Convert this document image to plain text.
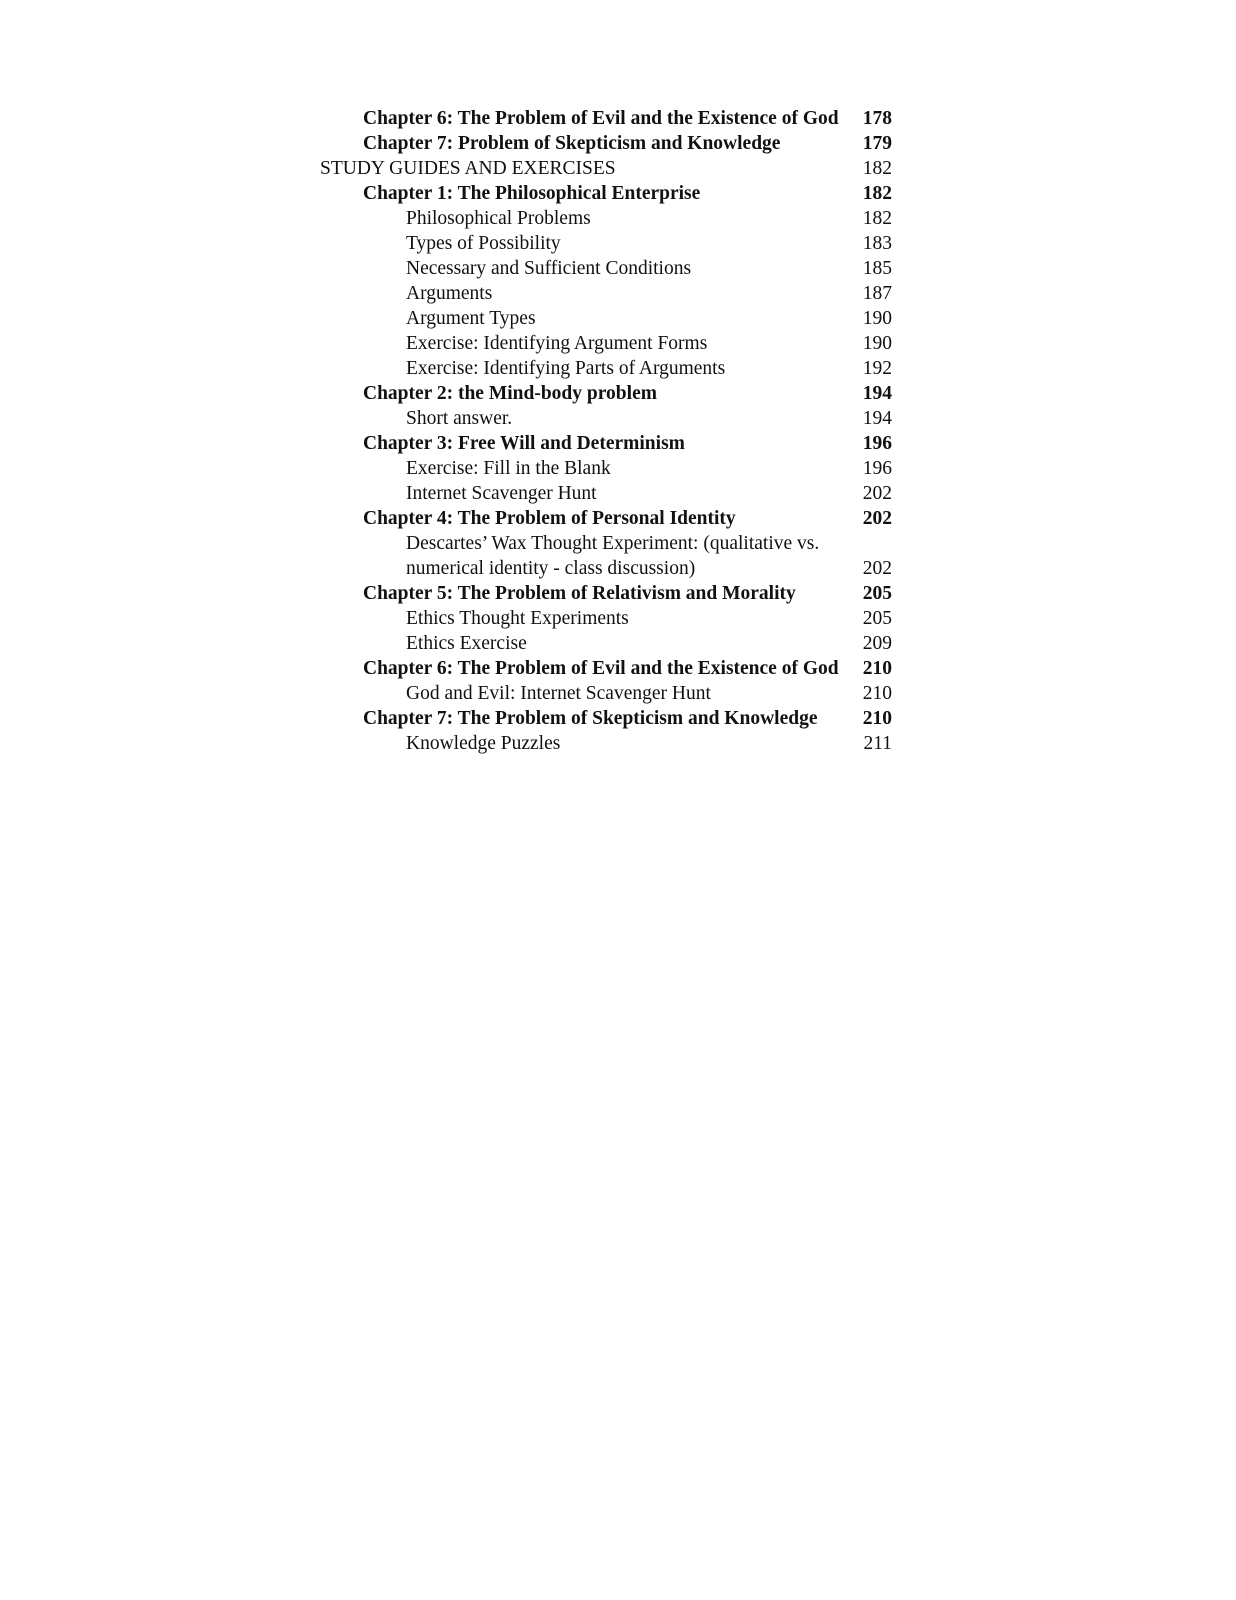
Chapter 6: The Problem of Evil and the Existence of God 178
Chapter 7: Problem of Skepticism and Knowledge	179
STUDY GUIDES AND EXERCISES	182
Chapter 1: The Philosophical Enterprise	182
Philosophical Problems	182
Types of Possibility	183
Necessary and Sufficient Conditions	185
Arguments	187
Argument Types	190
Exercise: Identifying Argument Forms	190
Exercise: Identifying Parts of Arguments	192
Chapter 2: the Mind-body problem	194
Short answer.	194
Chapter 3: Free Will and Determinism	196
Exercise: Fill in the Blank	196
Internet Scavenger Hunt	202
Chapter 4: The Problem of Personal Identity	202
Descartes’ Wax Thought Experiment: (qualitative vs. numerical identity - class discussion)	202
Chapter 5: The Problem of Relativism and Morality	205
Ethics Thought Experiments	205
Ethics Exercise	209
Chapter 6: The Problem of Evil and the Existence of God 210
God and Evil: Internet Scavenger Hunt	210
Chapter 7: The Problem of Skepticism and Knowledge 210
Knowledge Puzzles	211
